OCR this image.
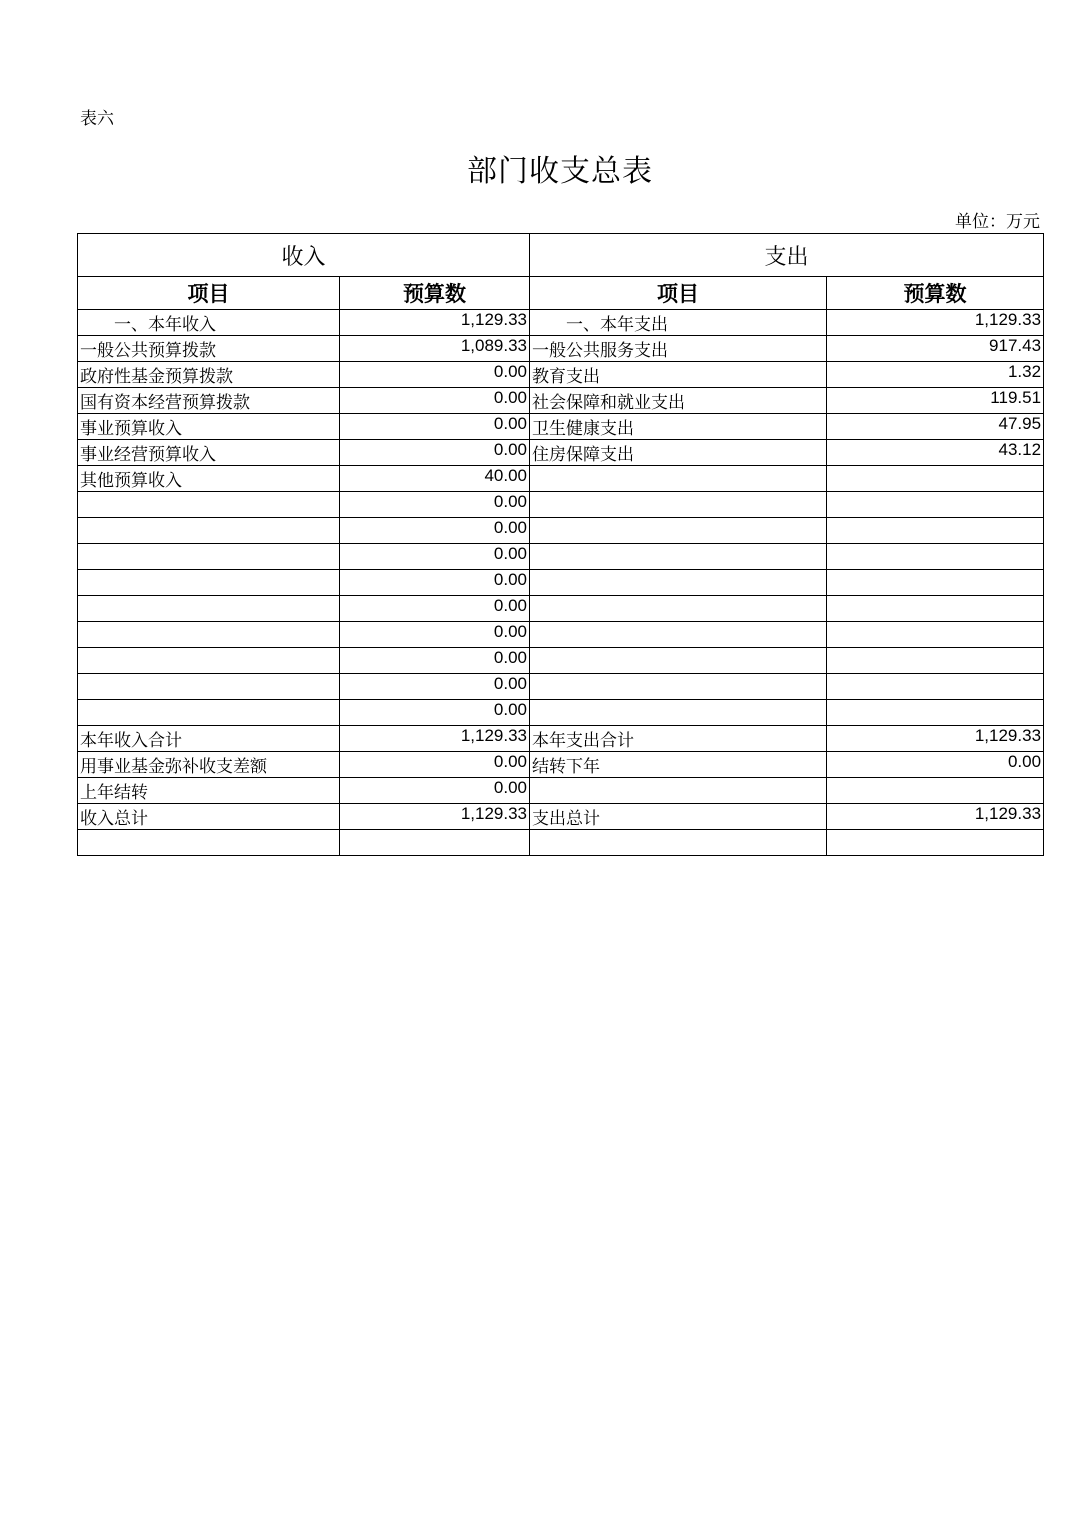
表六
部门收支总表
单位：万元
收入		支出	
项目	预算数	项目	预算数
一、本年收入	1,129.33	一、本年支出	1,129.33
一般公共预算拨款	1,089.33	一般公共服务支出	917.43
政府性基金预算拨款	0.00	教育支出	1.32
国有资本经营预算拨款	0.00	社会保障和就业支出	119.51
事业预算收入	0.00	卫生健康支出	47.95
事业经营预算收入	0.00	住房保障支出	43.12
其他预算收入	40.00		
	0.00		
	0.00		
	0.00		
	0.00		
	0.00		
	0.00		
	0.00		
	0.00		
	0.00		
本年收入合计	1,129.33	本年支出合计	1,129.33
用事业基金弥补收支差额	0.00	结转下年	0.00
上年结转	0.00		
收入总计	1,129.33	支出总计	1,129.33
